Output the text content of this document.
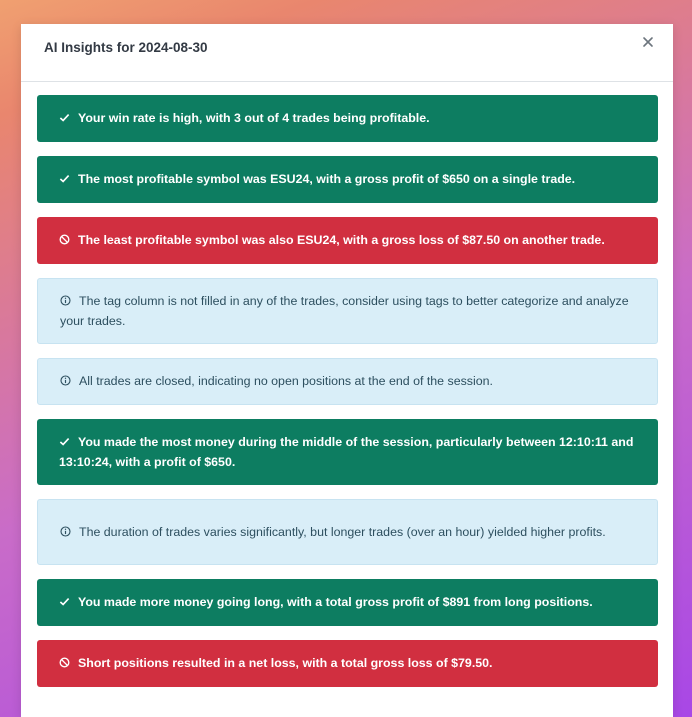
AI Insights for 2024-08-30
Your win rate is high, with 3 out of 4 trades being profitable.
The most profitable symbol was ESU24, with a gross profit of $650 on a single trade.
The least profitable symbol was also ESU24, with a gross loss of $87.50 on another trade.
The tag column is not filled in any of the trades, consider using tags to better categorize and analyze your trades.
All trades are closed, indicating no open positions at the end of the session.
You made the most money during the middle of the session, particularly between 12:10:11 and 13:10:24, with a profit of $650.
The duration of trades varies significantly, but longer trades (over an hour) yielded higher profits.
You made more money going long, with a total gross profit of $891 from long positions.
Short positions resulted in a net loss, with a total gross loss of $79.50.
